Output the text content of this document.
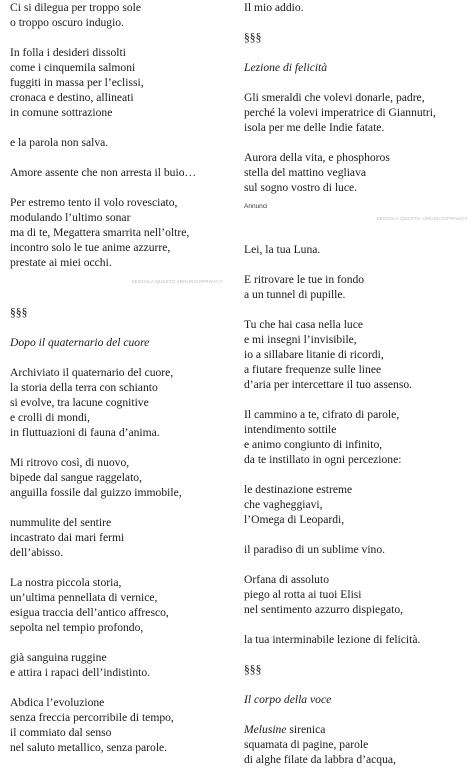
Ci si dilegua per troppo sole
o troppo oscuro indugio.
In folla i desideri dissolti
come i cinquemila salmoni
fuggiti in massa per l’eclissi,
cronaca e destino, allineati
in comune sottrazione
e la parola non salva.
Amore assente che non arresta il buio…
Per estremo tento il volo rovesciato,
modulando l’ultimo sonar
ma di te, Megattera smarrita nell’oltre,
incontro solo le tue anime azzurre,
prestate ai miei occhi.
SEGNALA QUESTO ANNUNCIOPRIVACY
§§§
Dopo il quaternario del cuore
Archiviato il quaternario del cuore,
la storia della terra con schianto
si evolve, tra lacune cognitive
e crolli di mondi,
in fluttuazioni di fauna d’anima.
Mi ritrovo così, di nuovo,
bipede dal sangue raggelato,
anguilla fossile dal guizzo immobile,
nummulite del sentire
incastrato dai mari fermi
dell’abisso.
La nostra piccola storia,
un’ultima pennellata di vernice,
esigua traccia dell’antico affresco,
sepolta nel tempio profondo,
già sanguina ruggine
e attira i rapaci dell’indistinto.
Abdica l’evoluzione
senza freccia percorribile di tempo,
il commiato dal senso
nel saluto metallico, senza parole.
Il mio addio.
§§§
Lezione di felicità
Gli smeraldi che volevi donarle, padre,
perché la volevi imperatrice di Giannutri,
isola per me delle Indie fatate.
Aurora della vita, e phosphoros
stella del mattino vegliava
sul sogno vostro di luce.
Annunci
SEGNALA QUESTO ANNUNCIOPRIVACY
Lei, la tua Luna.
E ritrovare le tue in fondo
a un tunnel di pupille.
Tu che hai casa nella luce
e mi insegni l’invisibile,
io a sillabare litanie di ricordi,
a fiutare frequenze sulle linee
d’aria per intercettare il tuo assenso.
Il cammino a te, cifrato di parole,
intendimento sottile
e animo congiunto di infinito,
da te instillato in ogni percezione:
le destinazione estreme
che vagheggiavi,
l’Omega di Leopardi,
il paradiso di un sublime vino.
Orfana di assoluto
piego al rotta ai tuoi Elisi
nel sentimento azzurro dispiegato,
la tua interminabile lezione di felicità.
§§§
Il corpo della voce
Melusine sirenica
squamata di pagine, parole
di alghe filate da labbra d’acqua,
